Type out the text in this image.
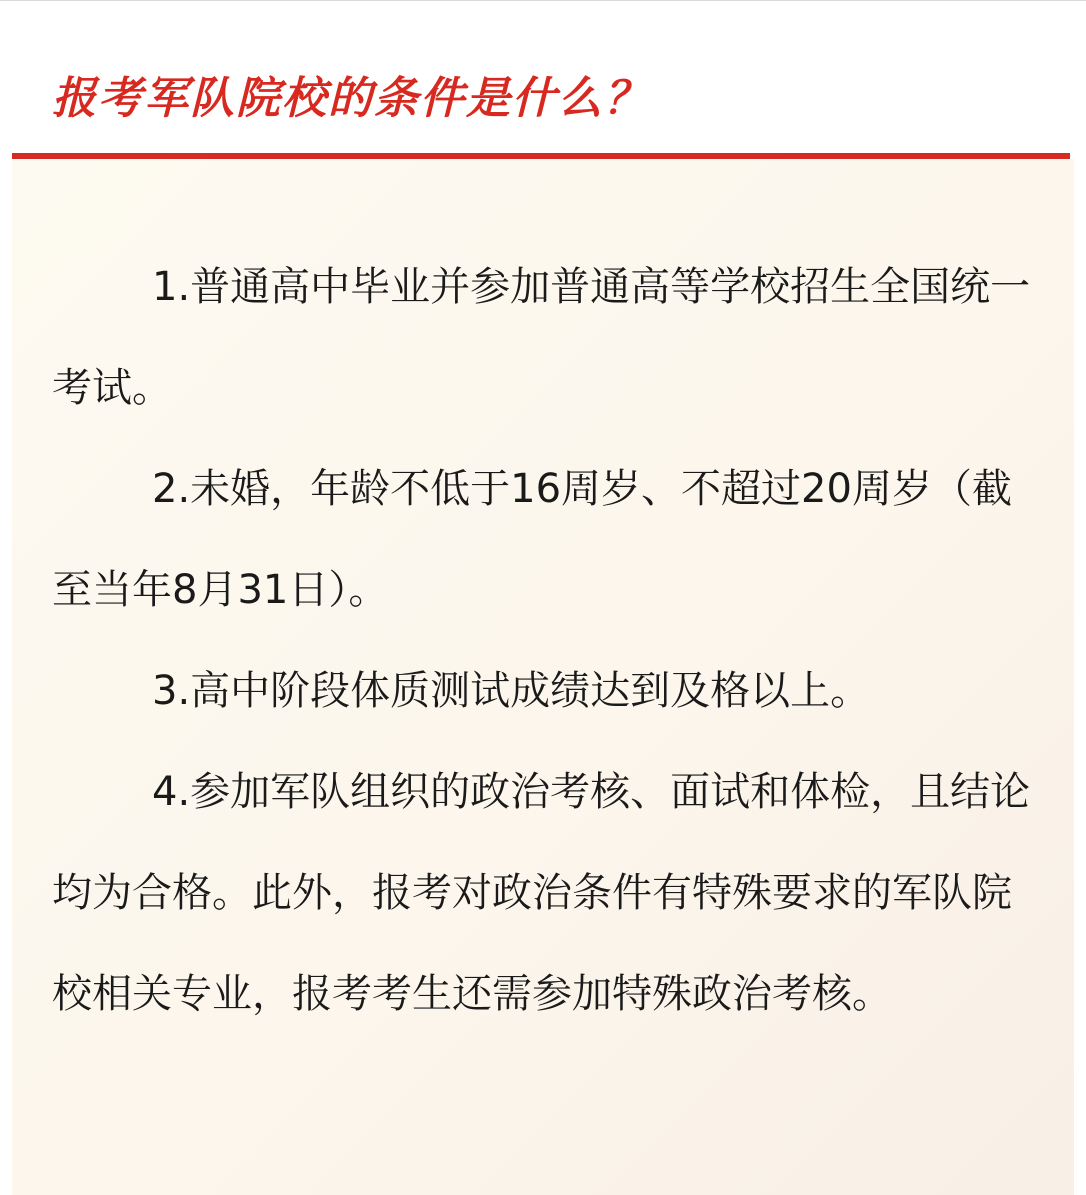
报考军队院校的条件是什么？

1.普通高中毕业并参加普通高等学校招生全国统一考试。

2.未婚，年龄不低于16周岁、不超过20周岁（截至当年8月31日）。

3.高中阶段体质测试成绩达到及格以上。

4.参加军队组织的政治考核、面试和体检，且结论均为合格。此外，报考对政治条件有特殊要求的军队院校相关专业，报考考生还需参加特殊政治考核。
